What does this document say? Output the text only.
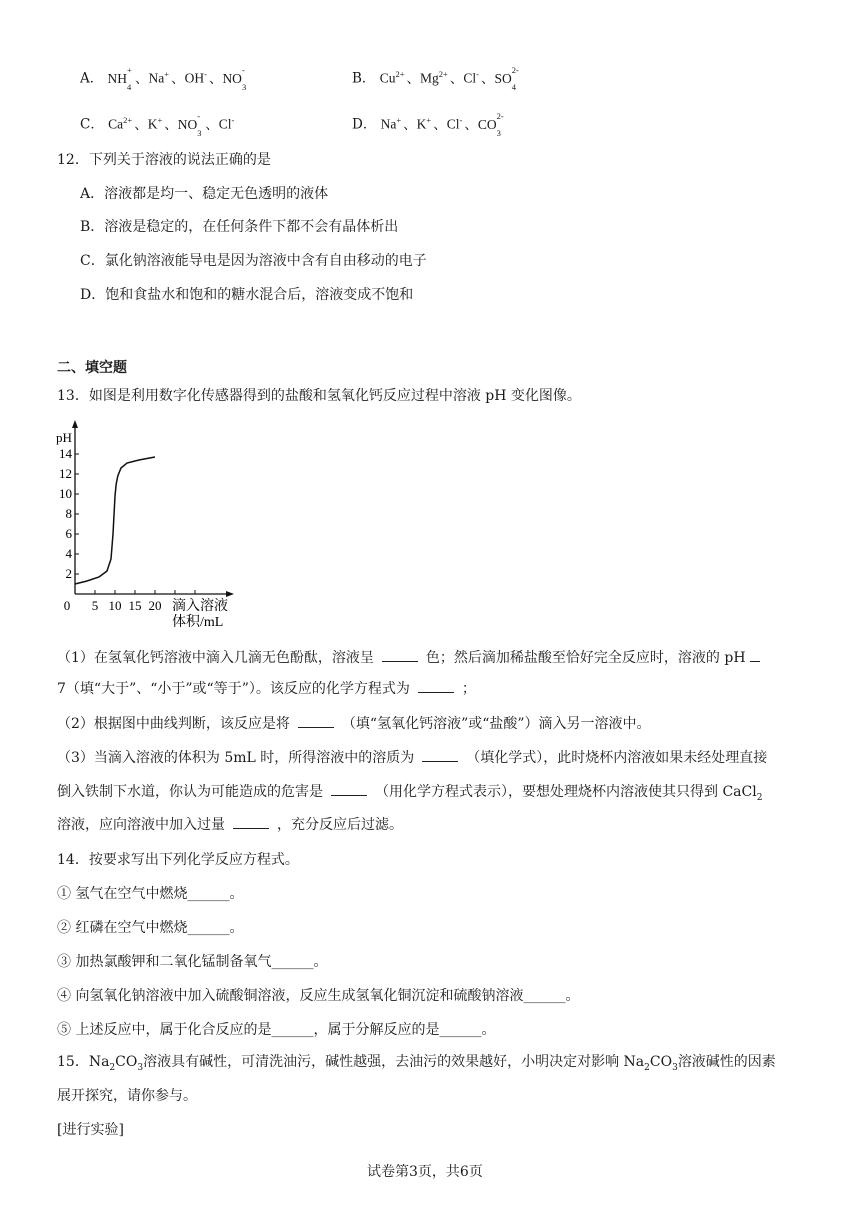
A． NH
+
4
、Na+ 、OH- 、NO
-
3	B． $Cu^{2+}$ 、$Mg^{2+}$ 、Cl- 、SO
2-
4
C． $Ca^{2+}$ 、K+ 、NO
-
3
、Cl-	D． Na+ 、K+ 、Cl- 、CO
2-
3
12．下列关于溶液的说法正确的是
A．溶液都是均一、稳定无色透明的液体
B．溶液是稳定的，在任何条件下都不会有晶体析出
C．氯化钠溶液能导电是因为溶液中含有自由移动的电子
D．饱和食盐水和饱和的糖水混合后，溶液变成不饱和
二、填空题
13．如图是利用数字化传感器得到的盐酸和氢氧化钙反应过程中溶液 pH 变化图像。
pH
2
4
6
8
10
12
14
0 5 10 15 20 滴入溶液
体积/mL
（1）在氢氧化钙溶液中滴入几滴无色酚酞，溶液呈	色；然后滴加稀盐酸至恰好完全反应时，溶液的 pH
7（填“大于”、“小于”或“等于”）。该反应的化学方程式为	；
（2）根据图中曲线判断，该反应是将	（填“氢氧化钙溶液”或“盐酸”）滴入另一溶液中。
（3）当滴入溶液的体积为 5mL 时，所得溶液中的溶质为	（填化学式），此时烧杯内溶液如果未经处理直接
倒入铁制下水道，你认为可能造成的危害是	（用化学方程式表示），要想处理烧杯内溶液使其只得到 CaCl$_2$
溶液，应向溶液中加入过量	，充分反应后过滤。
14．按要求写出下列化学反应方程式。
① 氢气在空气中燃烧______。
② 红磷在空气中燃烧______。
③ 加热氯酸钾和二氧化锰制备氧气______。
④ 向氢氧化钠溶液中加入硫酸铜溶液，反应生成氢氧化铜沉淀和硫酸钠溶液______。
⑤ 上述反应中，属于化合反应的是______，属于分解反应的是______。
15．$Na_2CO_3$溶液具有碱性，可清洗油污，碱性越强，去油污的效果越好，小明决定对影响 $Na_2CO_3$溶液碱性的因素
展开探究，请你参与。
[进行实验]
试卷第3页，共6页
